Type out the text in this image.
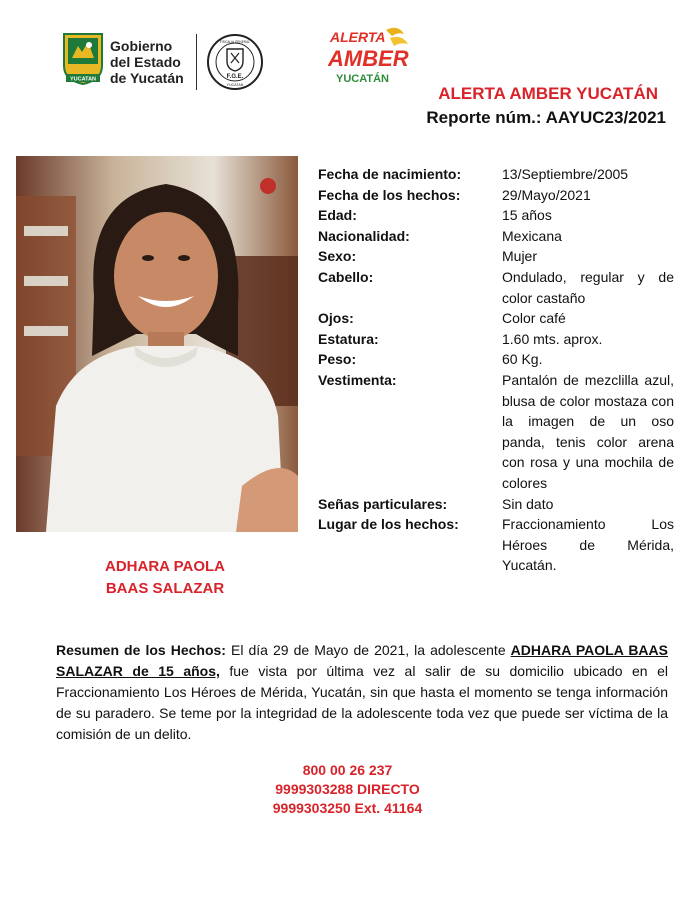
YUCATAN
Gobierno
del Estado
de Yucatán	F.G.E.
FISCALIA GENERAL
YUCATAN
ALERTA
AMBER
YUCATÁN
ALERTA AMBER YUCATÁN
Reporte núm.: AAYUC23/2021
ADHARA PAOLA
BAAS SALAZAR
Fecha de nacimiento:	13/Septiembre/2005
Fecha de los hechos:	29/Mayo/2021
Edad:	15 años
Nacionalidad:	Mexicana
Sexo:	Mujer
Cabello:	Ondulado, regular y de color castaño
Ojos:	Color café
Estatura:	1.60 mts. aprox.
Peso:	60 Kg.
Vestimenta:	Pantalón de mezclilla azul, blusa de color mostaza con la imagen de un oso panda, tenis color arena con rosa y una mochila de colores
Señas particulares:	Sin dato
Lugar de los hechos:	Fraccionamiento Los Héroes de Mérida, Yucatán.
Resumen de los Hechos: El día 29 de Mayo de 2021, la adolescente ADHARA PAOLA BAAS SALAZAR de 15 años, fue vista por última vez al salir de su domicilio ubicado en el Fraccionamiento Los Héroes de Mérida, Yucatán, sin que hasta el momento se tenga información de su paradero. Se teme por la integridad de la adolescente toda vez que puede ser víctima de la comisión de un delito.
800 00 26 237
9999303288 DIRECTO
9999303250 Ext. 41164
